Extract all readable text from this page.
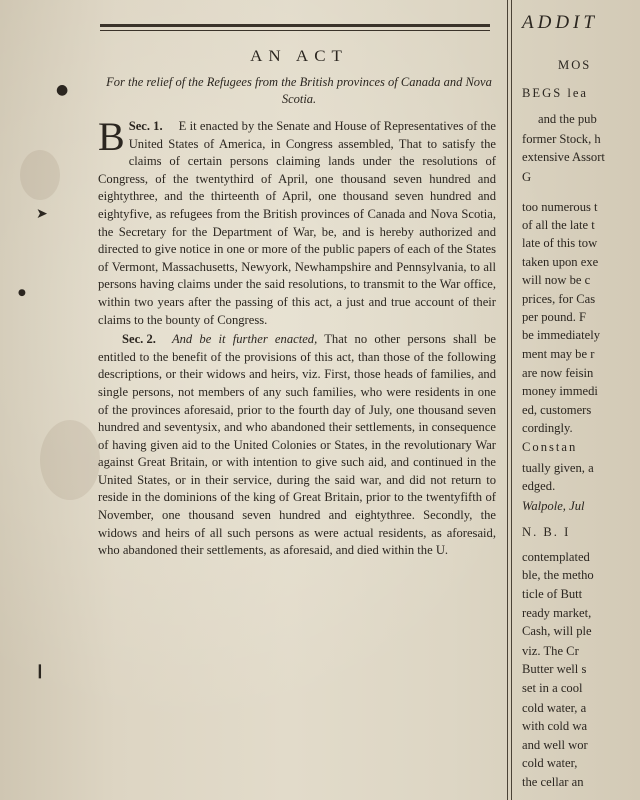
●
➤
●
❙
AN ACT
For the relief of the Refugees from the British provinces of Canada and Nova Scotia.

B Sec. 1. E it enacted by the Senate and House of Representatives of the United States of America, in Congress assembled, That to satisfy the claims of certain persons claiming lands under the resolutions of Congress, of the twentythird of April, one thousand seven hundred and eightythree, and the thirteenth of April, one thousand seven hundred and eightyfive, as refugees from the British provinces of Canada and Nova Scotia, the Secretary for the Department of War, be, and is hereby authorized and directed to give notice in one or more of the public papers of each of the States of Vermont, Massachusetts, Newyork, Newhampshire and Pennsylvania, to all persons having claims under the said resolutions, to transmit to the War office, within two years after the passing of this act, a just and true account of their claims to the bounty of Congress.

Sec. 2. And be it further enacted, That no other persons shall be entitled to the benefit of the provisions of this act, than those of the following descriptions, or their widows and heirs, viz. First, those heads of families, and single persons, not members of any such families, who were residents in one of the provinces aforesaid, prior to the fourth day of July, one thousand seven hundred and seventysix, and who abandoned their settlements, in consequence of having given aid to the United Colonies or States, in the revolutionary War against Great Britain, or with intention to give such aid, and continued in the United States, or in their service, during the said war, and did not return to reside in the dominions of the king of Great Britain, prior to the twentyfifth of November, one thousand seven hundred and eightythree. Secondly, the widows and heirs of all such persons as were actual residents, as aforesaid, who abandoned their settlements, as aforesaid, and died within the U.

ADDIT
MOS
BEGS lea
and the pub
former Stock, h
extensive Assort
G
too numerous t
of all the late t
late of this tow
taken upon exe
will now be c
prices, for Cas
per pound. F
be immediately
ment may be r
are now feisin
money immedi
ed, customers
cordingly.
Constan
tually given, a
edged.
Walpole, Jul
N. B. I
contemplated
ble, the metho
ticle of Butt
ready market,
Cash, will ple
viz. The Cr
Butter well s
set in a cool
cold water, a
with cold wa
and well wor
cold water,
the cellar an
